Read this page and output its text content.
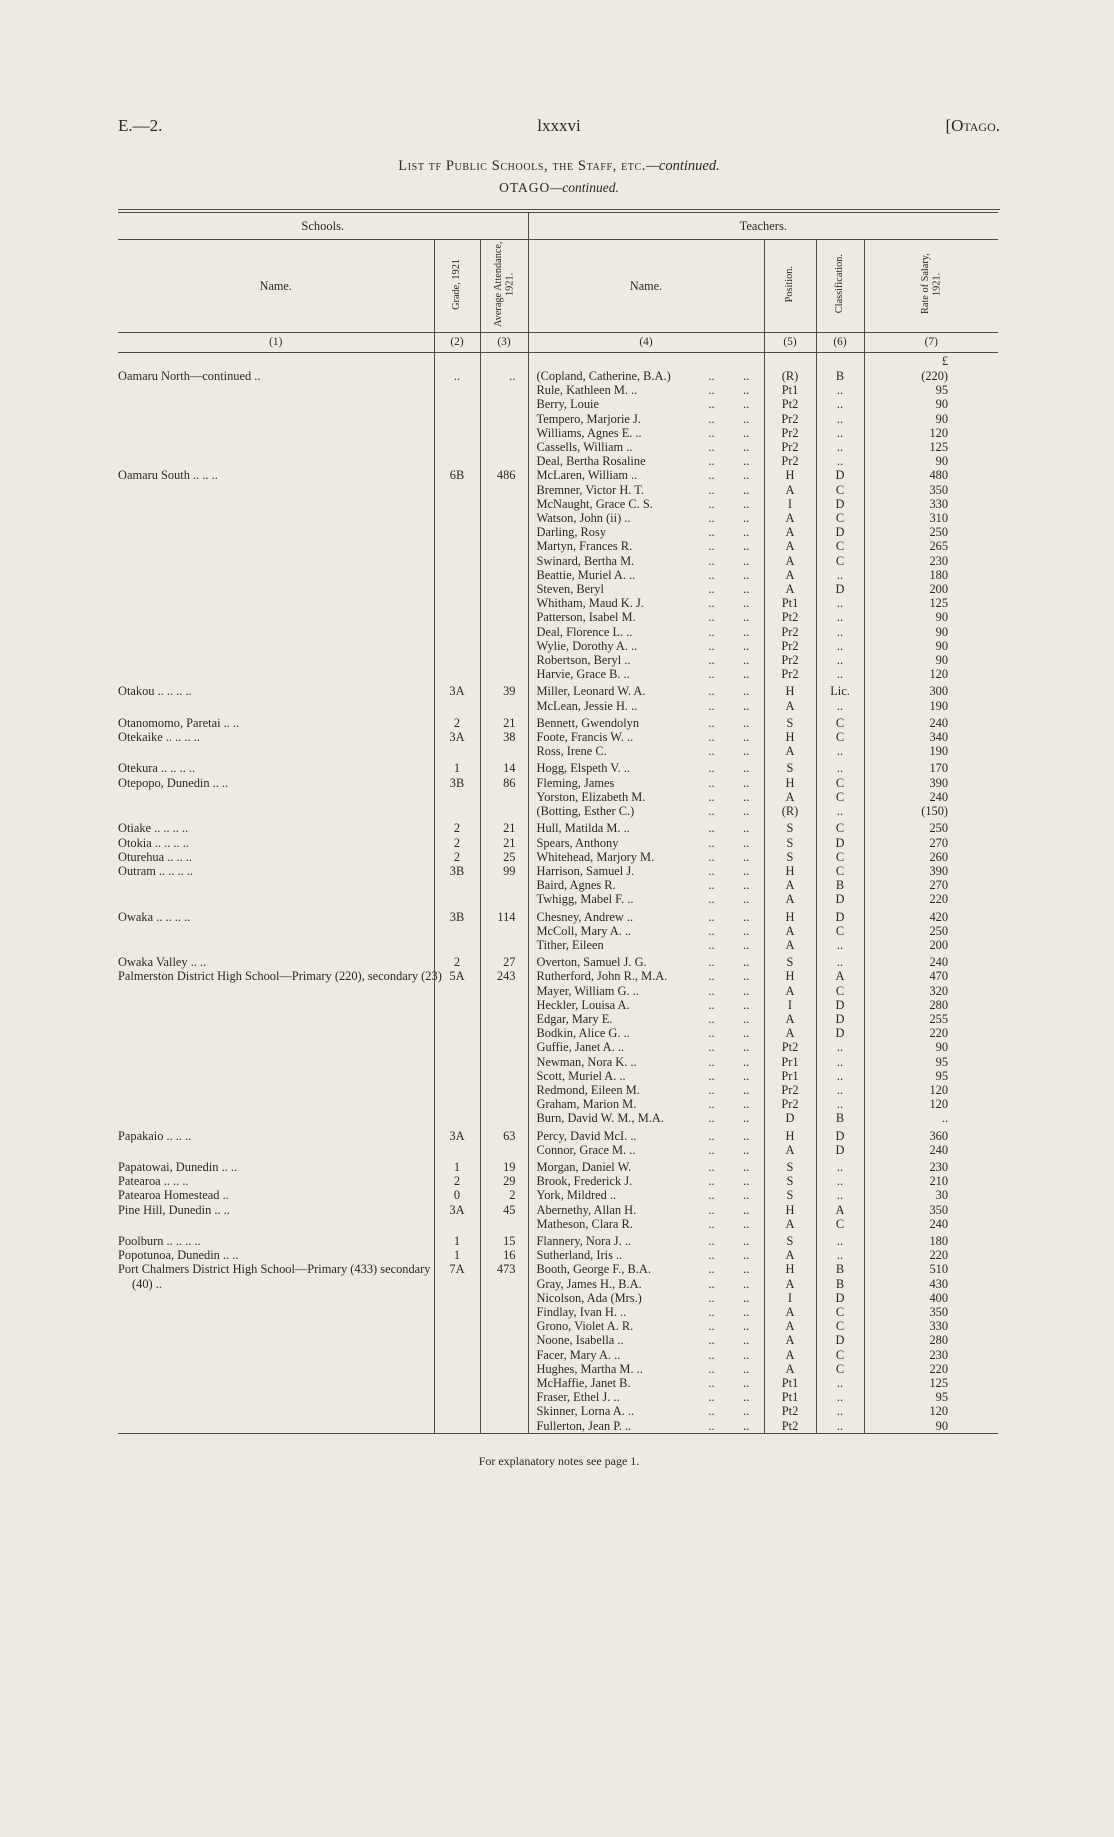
E.—2.	lxxxvi	[Otago.
List tf Public Schools, the Staff, etc.—continued.
OTAGO—continued.
Schools.			Teachers.					
Name.	Grade, 1921	Average Attendance, 1921.	Name.			Position.	Classification.	Rate of Salary, 1921.
(1)	(2)	(3)	(4)			(5)	(6)	(7)
								£

Oamaru North—continued ..	..	..	(Copland, Catherine, B.A.)	..	..	(R)	B	(220)

			Rule, Kathleen M. ..	..	..	Pt1	..	95

			Berry, Louie	..	..	Pt2	..	90

			Tempero, Marjorie J.	..	..	Pr2	..	90

			Williams, Agnes E. ..	..	..	Pr2	..	120

			Cassells, William ..	..	..	Pr2	..	125

			Deal, Bertha Rosaline	..	..	Pr2	..	90

Oamaru South .. .. ..	6B	486	McLaren, William ..	..	..	H	D	480

			Bremner, Victor H. T.	..	..	A	C	350

			McNaught, Grace C. S.	..	..	I	D	330

			Watson, John (ii) ..	..	..	A	C	310

			Darling, Rosy	..	..	A	D	250

			Martyn, Frances R.	..	..	A	C	265

			Swinard, Bertha M.	..	..	A	C	230

			Beattie, Muriel A. ..	..	..	A	..	180

			Steven, Beryl	..	..	A	D	200

			Whitham, Maud K. J.	..	..	Pt1	..	125

			Patterson, Isabel M.	..	..	Pt2	..	90

			Deal, Florence L. ..	..	..	Pr2	..	90

			Wylie, Dorothy A. ..	..	..	Pr2	..	90

			Robertson, Beryl ..	..	..	Pr2	..	90

			Harvie, Grace B. ..	..	..	Pr2	..	120

Otakou .. .. .. ..	3A	39	Miller, Leonard W. A.	..	..	H	Lic.	300

			McLean, Jessie H. ..	..	..	A	..	190

Otanomomo, Paretai .. ..	2	21	Bennett, Gwendolyn	..	..	S	C	240

Otekaike .. .. .. ..	3A	38	Foote, Francis W. ..	..	..	H	C	340

			Ross, Irene C.	..	..	A	..	190

Otekura .. .. .. ..	1	14	Hogg, Elspeth V. ..	..	..	S	..	170

Otepopo, Dunedin .. ..	3B	86	Fleming, James	..	..	H	C	390

			Yorston, Elizabeth M.	..	..	A	C	240

			(Botting, Esther C.)	..	..	(R)	..	(150)

Otiake .. .. .. ..	2	21	Hull, Matilda M. ..	..	..	S	C	250

Otokia .. .. .. ..	2	21	Spears, Anthony	..	..	S	D	270

Oturehua .. .. ..	2	25	Whitehead, Marjory M.	..	..	S	C	260

Outram .. .. .. ..	3B	99	Harrison, Samuel J.	..	..	H	C	390

			Baird, Agnes R.	..	..	A	B	270

			Twhigg, Mabel F. ..	..	..	A	D	220

Owaka .. .. .. ..	3B	114	Chesney, Andrew ..	..	..	H	D	420

			McColl, Mary A. ..	..	..	A	C	250

			Tither, Eileen	..	..	A	..	200

Owaka Valley .. ..	2	27	Overton, Samuel J. G.	..	..	S	..	240

Palmerston District High School—Primary (220), secondary (23)	5A	243	Rutherford, John R., M.A.	..	..	H	A	470

			Mayer, William G. ..	..	..	A	C	320

			Heckler, Louisa A.	..	..	I	D	280

			Edgar, Mary E.	..	..	A	D	255

			Bodkin, Alice G. ..	..	..	A	D	220

			Guffie, Janet A. ..	..	..	Pt2	..	90

			Newman, Nora K. ..	..	..	Pr1	..	95

			Scott, Muriel A. ..	..	..	Pr1	..	95

			Redmond, Eileen M.	..	..	Pr2	..	120

			Graham, Marion M.	..	..	Pr2	..	120

			Burn, David W. M., M.A.	..	..	D	B	..

Papakaio .. .. ..	3A	63	Percy, David McI. ..	..	..	H	D	360

			Connor, Grace M. ..	..	..	A	D	240

Papatowai, Dunedin .. ..	1	19	Morgan, Daniel W.	..	..	S	..	230

Patearoa .. .. ..	2	29	Brook, Frederick J.	..	..	S	..	210

Patearoa Homestead ..	0	2	York, Mildred ..	..	..	S	..	30

Pine Hill, Dunedin .. ..	3A	45	Abernethy, Allan H.	..	..	H	A	350

			Matheson, Clara R.	..	..	A	C	240

Poolburn .. .. .. ..	1	15	Flannery, Nora J. ..	..	..	S	..	180

Popotunoa, Dunedin .. ..	1	16	Sutherland, Iris ..	..	..	A	..	220

Port Chalmers District High School—Primary (433) secondary (40) ..	7A	473	Booth, George F., B.A.	..	..	H	B	510

			Gray, James H., B.A.	..	..	A	B	430

			Nicolson, Ada (Mrs.)	..	..	I	D	400

			Findlay, Ivan H. ..	..	..	A	C	350

			Grono, Violet A. R.	..	..	A	C	330

			Noone, Isabella ..	..	..	A	D	280

			Facer, Mary A. ..	..	..	A	C	230

			Hughes, Martha M. ..	..	..	A	C	220

			McHaffie, Janet B.	..	..	Pt1	..	125

			Fraser, Ethel J. ..	..	..	Pt1	..	95

			Skinner, Lorna A. ..	..	..	Pt2	..	120

			Fullerton, Jean P. ..	..	..	Pt2	..	90
For explanatory notes see page 1.
